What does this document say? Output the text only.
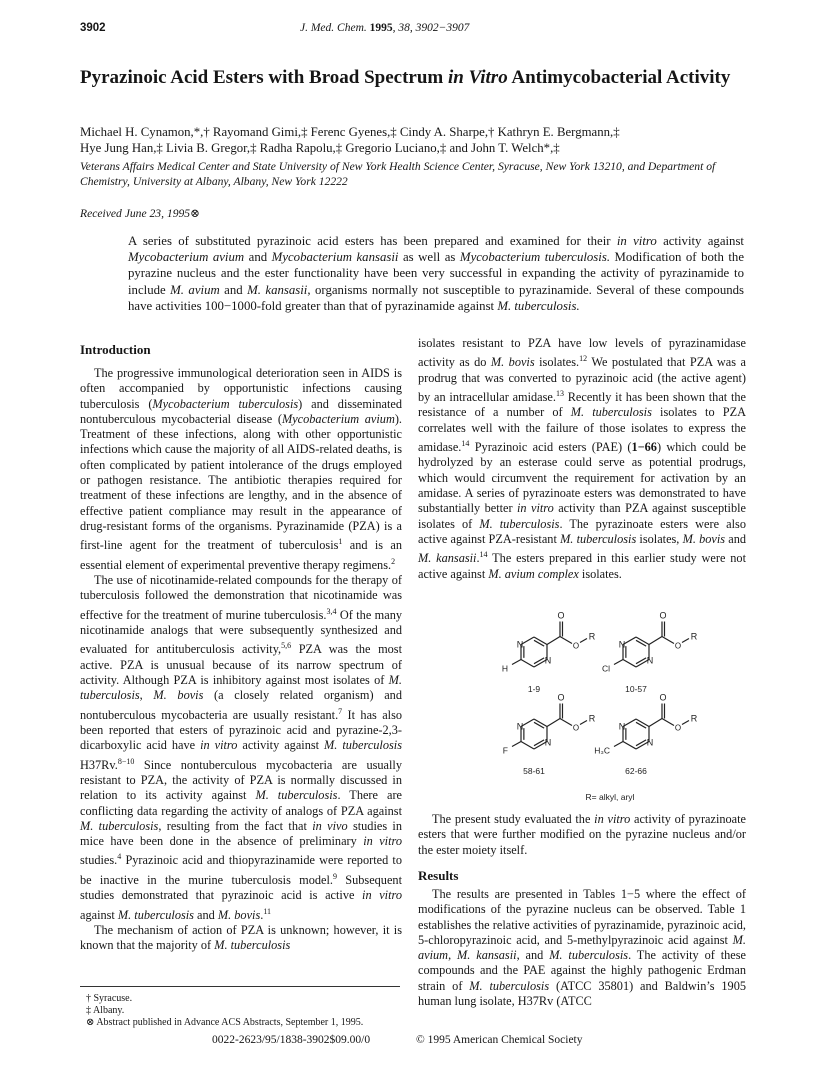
3902	J. Med. Chem. 1995, 38, 3902−3907
Pyrazinoic Acid Esters with Broad Spectrum in Vitro Antimycobacterial Activity
Michael H. Cynamon,*,† Rayomand Gimi,‡ Ferenc Gyenes,‡ Cindy A. Sharpe,† Kathryn E. Bergmann,‡
Hye Jung Han,‡ Livia B. Gregor,‡ Radha Rapolu,‡ Gregorio Luciano,‡ and John T. Welch*,‡
Veterans Affairs Medical Center and State University of New York Health Science Center, Syracuse, New York 13210, and Department of Chemistry, University at Albany, Albany, New York 12222
Received June 23, 1995⊗
A series of substituted pyrazinoic acid esters has been prepared and examined for their in vitro activity against Mycobacterium avium and Mycobacterium kansasii as well as Mycobacterium tuberculosis. Modification of both the pyrazine nucleus and the ester functionality have been very successful in expanding the activity of pyrazinamide to include M. avium and M. kansasii, organisms normally not susceptible to pyrazinamide. Several of these compounds have activities 100−1000-fold greater than that of pyrazinamide against M. tuberculosis.
Introduction

The progressive immunological deterioration seen in AIDS is often accompanied by opportunistic infections causing tuberculosis (Mycobacterium tuberculosis) and disseminated nontuberculous mycobacterial disease (Mycobacterium avium). Treatment of these infections, along with other opportunistic infections which cause the majority of all AIDS-related deaths, is often complicated by patient intolerance of the drugs employed or pathogen resistance. The antibiotic therapies required for treatment of these infections are lengthy, and in the absence of effective patient compliance may result in the appearance of drug-resistant forms of the organisms. Pyrazinamide (PZA) is a first-line agent for the treatment of tuberculosis$^1$ and is an essential element of experimental preventive therapy regimens.$^2$

The use of nicotinamide-related compounds for the therapy of tuberculosis followed the demonstration that nicotinamide was effective for the treatment of murine tuberculosis.$^{3,4}$ Of the many nicotinamide analogs that were subsequently synthesized and evaluated for antituberculosis activity,$^{5,6}$ PZA was the most active. PZA is unusual because of its narrow spectrum of activity. Although PZA is inhibitory against most isolates of M. tuberculosis, M. bovis (a closely related organism) and nontuberculous mycobacteria are usually resistant.$^7$ It has also been reported that esters of pyrazinoic acid and pyrazine-2,3-dicarboxylic acid have in vitro activity against M. tuberculosis H37Rv.$^{8-10}$ Since nontuberculous mycobacteria are usually resistant to PZA, the activity of PZA is normally discussed in relation to its activity against M. tuberculosis. There are conflicting data regarding the activity of analogs of PZA against M. tuberculosis, resulting from the fact that in vivo studies in mice have been done in the absence of preliminary in vitro studies.$^4$ Pyrazinoic acid and thiopyrazinamide were reported to be inactive in the murine tuberculosis model.$^9$ Subsequent studies demonstrated that pyrazinoic acid is active in vitro against M. tuberculosis and M. bovis.$^{11}$

The mechanism of action of PZA is unknown; however, it is known that the majority of M. tuberculosis

isolates resistant to PZA have low levels of pyrazinamidase activity as do M. bovis isolates.$^{12}$ We postulated that PZA was a prodrug that was converted to pyrazinoic acid (the active agent) by an intracellular amidase.$^{13}$ Recently it has been shown that the resistance of a number of M. tuberculosis isolates to PZA correlates well with the failure of those isolates to express the amidase.$^{14}$ Pyrazinoic acid esters (PAE) (1−66) which could be hydrolyzed by an esterase could serve as potential prodrugs, which would circumvent the requirement for activation by an amidase. A series of pyrazinoate esters was demonstrated to have substantially better in vitro activity than PZA against susceptible isolates of M. tuberculosis. The pyrazinoate esters were also active against PZA-resistant M. tuberculosis isolates, M. bovis and M. kansasii.$^{14}$ The esters prepared in this earlier study were not active against M. avium complex isolates.

N
N
O
O
R
H
1-9
N
N
O
O
R
Cl
10-57
N
N
O
O
R
F
58-61
N
N
O
O
R
H₃C
62-66
R= alkyl, aryl

The present study evaluated the in vitro activity of pyrazinoate esters that were further modified on the pyrazine nucleus and/or the ester moiety itself.

Results

The results are presented in Tables 1−5 where the effect of modifications of the pyrazine nucleus can be observed. Table 1 establishes the relative activities of pyrazinamide, pyrazinoic acid, 5-chloropyrazinoic acid, and 5-methylpyrazinoic acid against M. avium, M. kansasii, and M. tuberculosis. The activity of these compounds and the PAE against the highly pathogenic Erdman strain of M. tuberculosis (ATCC 35801) and Baldwin’s 1905 human lung isolate, H37Rv (ATCC

† Syracuse.
‡ Albany.
⊗ Abstract published in Advance ACS Abstracts, September 1, 1995.
0022-2623/95/1838-3902$09.00/0	© 1995 American Chemical Society
